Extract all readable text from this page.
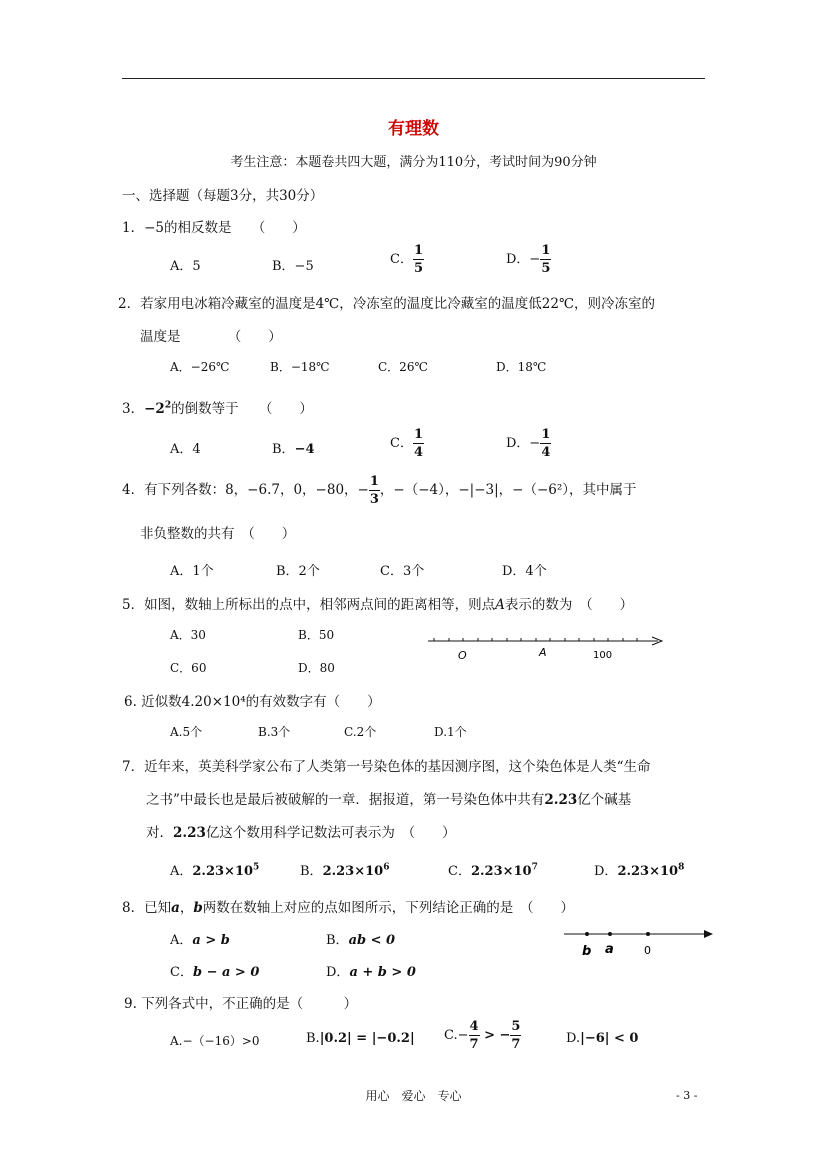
有理数
考生注意：本题卷共四大题，满分为110分，考试时间为90分钟
一、选择题（每题3分，共30分）
1．−5的相反数是　　（　　）
A．5	B．−5	C． $\frac{1}{5}$	D．− $\frac{1}{5}$
2．若家用电冰箱冷藏室的温度是4℃，冷冻室的温度比冷藏室的温度低22℃，则冷冻室的
温度是　　　　（　　）
A．−26℃	B．−18℃	C．26℃	D．18℃
3．$-2^2$的倒数等于　　（　　）
A．4	B．−4	C． $\frac{1}{4}$	D．− $\frac{1}{4}$
4．有下列各数：8，−6.7，0，−80，− $\frac{1}{3}$ ，−（−4），−|−3|，−（−6²），其中属于
非负整数的共有　（　　）
A．1个	B．2个	C．3个	D．4个
5．如图，数轴上所标出的点中，相邻两点间的距离相等，则点A表示的数为　（　　）
A．30	B．50
C．60	D．80
O	A	100
6. 近似数4.20×10⁴的有效数字有（　　）
A.5个	B.3个	C.2个	D.1个
7．近年来，英美科学家公布了人类第一号染色体的基因测序图，这个染色体是人类“生命
之书”中最长也是最后被破解的一章．据报道，第一号染色体中共有2.23亿个碱基
对．2.23亿这个数用科学记数法可表示为　（　　）
A．$2.23\times 10^5$	B．$2.23\times 10^6$	C．$2.23\times 10^7$	D．$2.23\times 10^8$
8．已知a，b两数在数轴上对应的点如图所示，下列结论正确的是　（　　）
A．a > b	B．ab < 0
C．b − a > 0	D．a + b > 0
b a	0
9. 下列各式中，不正确的是（　　　）
A.−（−16）>0	B.|0.2| = |−0.2| $C.- \frac{4}{7}$ > − $\frac{5}{7}$	D.|−6| < 0
用心　爱心　专心	- 3 -
